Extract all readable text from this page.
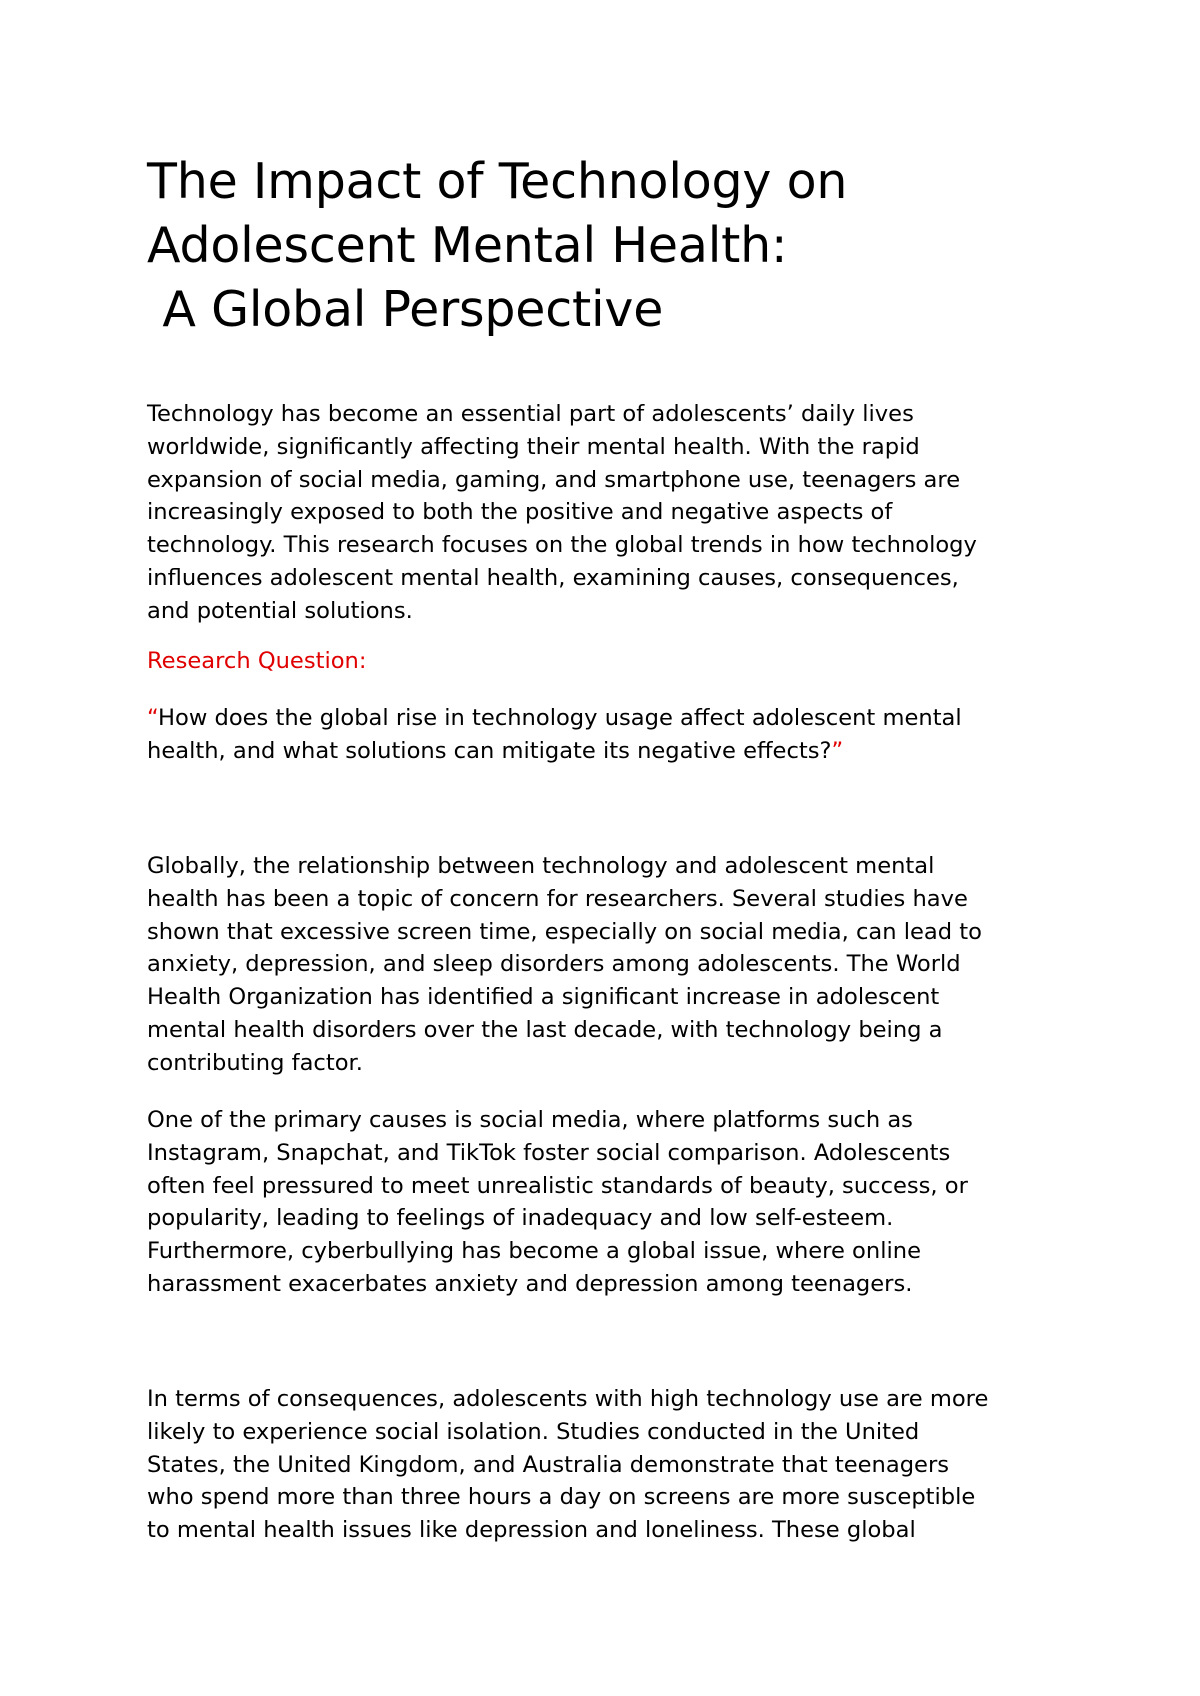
The Impact of Technology on
Adolescent Mental Health:
A Global Perspective

Technology has become an essential part of adolescents’ daily lives
worldwide, significantly affecting their mental health. With the rapid
expansion of social media, gaming, and smartphone use, teenagers are
increasingly exposed to both the positive and negative aspects of
technology. This research focuses on the global trends in how technology
influences adolescent mental health, examining causes, consequences,
and potential solutions.

Research Question:

“How does the global rise in technology usage affect adolescent mental
health, and what solutions can mitigate its negative effects?”

Globally, the relationship between technology and adolescent mental
health has been a topic of concern for researchers. Several studies have
shown that excessive screen time, especially on social media, can lead to
anxiety, depression, and sleep disorders among adolescents. The World
Health Organization has identified a significant increase in adolescent
mental health disorders over the last decade, with technology being a
contributing factor.

One of the primary causes is social media, where platforms such as
Instagram, Snapchat, and TikTok foster social comparison. Adolescents
often feel pressured to meet unrealistic standards of beauty, success, or
popularity, leading to feelings of inadequacy and low self-esteem.
Furthermore, cyberbullying has become a global issue, where online
harassment exacerbates anxiety and depression among teenagers.

In terms of consequences, adolescents with high technology use are more
likely to experience social isolation. Studies conducted in the United
States, the United Kingdom, and Australia demonstrate that teenagers
who spend more than three hours a day on screens are more susceptible
to mental health issues like depression and loneliness. These global
